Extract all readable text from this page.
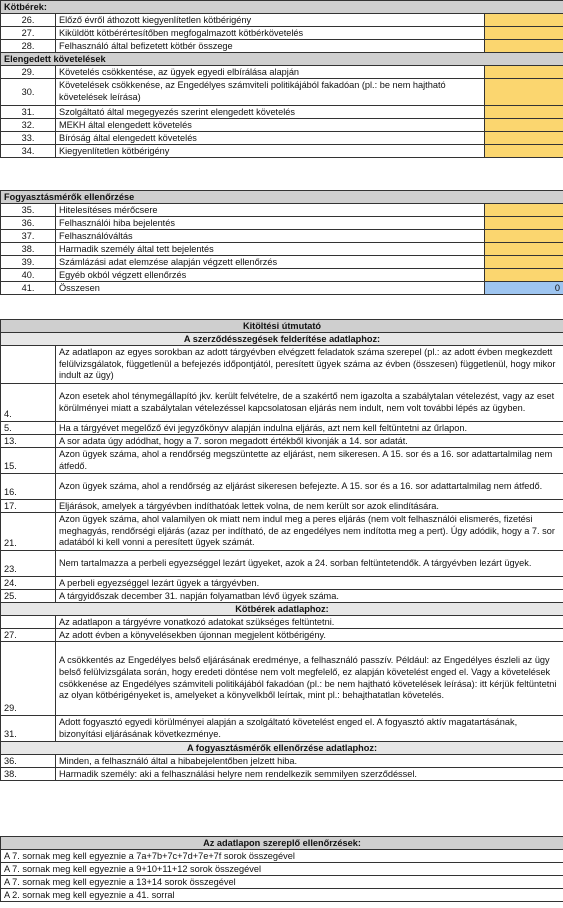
Kötbérek:		
26.	Előző évről áthozott kiegyenlítetlen kötbérigény	
27.	Kiküldött kötbérértesítőben megfogalmazott kötbérkövetelés	
28.	Felhasználó által befizetett kötbér összege	
Elengedett követelések		
29.	Követelés csökkentése, az ügyek egyedi elbírálása alapján	
30.	Követelések csökkenése, az Engedélyes számviteli politikájából fakadóan (pl.: be nem hajtható követelések leírása)	
31.	Szolgáltató által megegyezés szerint elengedett követelés	
32.	MEKH által elengedett követelés	
33.	Bíróság által elengedett követelés	
34.	Kiegyenlítetlen kötbérigény	
Fogyasztásmérők ellenőrzése		
35.	Hitelesítéses mérőcsere	
36.	Felhasználói hiba bejelentés	
37.	Felhasználóváltás	
38.	Harmadik személy által tett bejelentés	
39.	Számlázási adat elemzése alapján végzett ellenőrzés	
40.	Egyéb okból végzett ellenőrzés	
41.	Összesen	0
Kitöltési útmutató	
A szerződésszegések felderítése adatlaphoz:	
	Az adatlapon az egyes sorokban az adott tárgyévben elvégzett feladatok száma szerepel (pl.: az adott évben megkezdett felülvizsgálatok, függetlenül a befejezés időpontjától, peresített ügyek száma az évben (összesen) függetlenül, hogy mikor indult az ügy)
4.	Azon esetek ahol ténymegállapító jkv. került felvételre, de a szakértő nem igazolta a szabálytalan vételezést, vagy az eset körülményei miatt a szabálytalan vételezéssel kapcsolatosan eljárás nem indult, nem volt további lépés az ügyben.
5.	Ha a tárgyévet megelőző évi jegyzőkönyv alapján indulna eljárás, azt nem kell feltüntetni az űrlapon.
13.	A sor adata úgy adódhat, hogy a 7. soron megadott értékből kivonják a 14. sor adatát.
15.	Azon ügyek száma, ahol a rendőrség megszüntette az eljárást, nem sikeresen. A 15. sor és a 16. sor adattartalmilag nem átfedő.
16.	Azon ügyek száma, ahol a rendőrség az eljárást sikeresen befejezte. A 15. sor és a 16. sor adattartalmilag nem átfedő.
17.	Eljárások, amelyek a tárgyévben indíthatóak lettek volna, de nem került sor azok elindítására.
21.	Azon ügyek száma, ahol valamilyen ok miatt nem indul meg a peres eljárás (nem volt felhasználói elismerés, fizetési meghagyás, rendőrségi eljárás (azaz per indítható, de az engedélyes nem indította meg a pert). Úgy adódik, hogy a 7. sor adatából ki kell vonni a peresített ügyek számát.
23.	Nem tartalmazza a perbeli egyezséggel lezárt ügyeket, azok a 24. sorban feltüntetendők. A tárgyévben lezárt ügyek.
24.	A perbeli egyezséggel lezárt ügyek a tárgyévben.
25.	A tárgyidőszak december 31. napján folyamatban lévő ügyek száma.
Kötbérek adatlaphoz:	
	Az adatlapon a tárgyévre vonatkozó adatokat szükséges feltüntetni.
27.	Az adott évben a könyvelésekben újonnan megjelent kötbérigény.
29.	A csökkentés az Engedélyes belső eljárásának eredménye, a felhasználó passzív. Például: az Engedélyes észleli az ügy belső felülvizsgálata során, hogy eredeti döntése nem volt megfelelő, ez alapján követelést enged el. Vagy a követelések csökkenése az Engedélyes számviteli politikájából fakadóan (pl.: be nem hajtható követelések leírása): itt kérjük feltüntetni az olyan kötbérigényeket is, amelyeket a könyvelkből leírtak, mint pl.: behajthatatlan követelés.
31.	Adott fogyasztó egyedi körülményei alapján a szolgáltató követelést enged el. A fogyasztó aktív magatartásának, bizonyítási eljárásának következménye.
A fogyasztásmérők ellenőrzése adatlaphoz:	
36.	Minden, a felhasználó által a hibabejelentőben jelzett hiba.
38.	Harmadik személy: aki a felhasználási helyre nem rendelkezik semmilyen szerződéssel.
Az adatlapon szereplő ellenőrzések:
A 7. sornak meg kell egyeznie a 7a+7b+7c+7d+7e+7f sorok összegével
A 7. sornak meg kell egyeznie a 9+10+11+12 sorok összegével
A 7. sornak meg kell egyeznie a 13+14 sorok összegével
A 2. sornak meg kell egyeznie a 41. sorral
